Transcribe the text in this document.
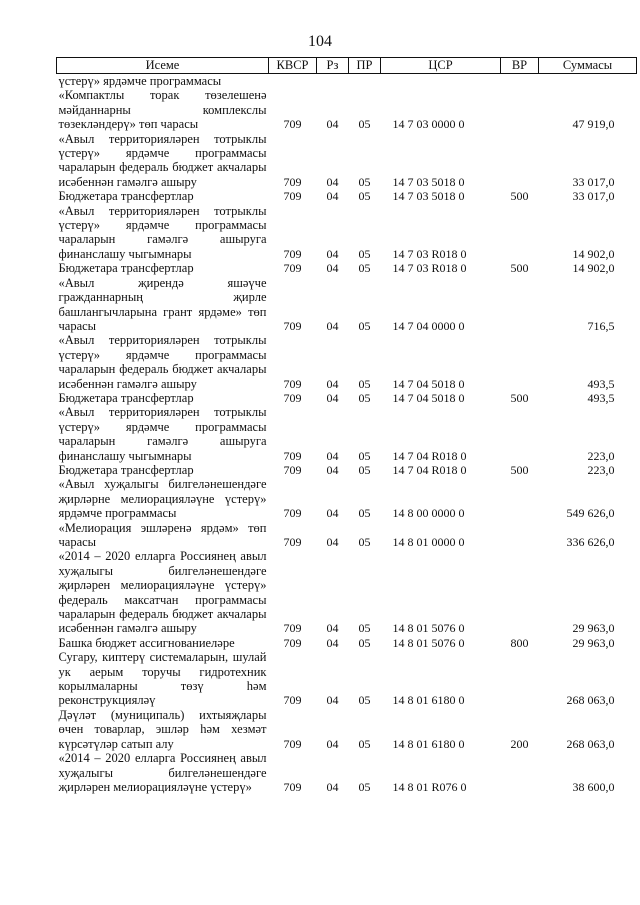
104
Исеме	КВСР	Рз	ПР	ЦСР	ВР	Суммасы
үстерү» ярдәмче программасы						
«Компактлы торак төзелешенә мәйданнарны комплекслы төзекләндерү» төп чарасы	709	04	05	14 7 03 0000 0		47 919,0
«Авыл территорияләрен тотрыклы үстерү» ярдәмче программасы чараларын федераль бюджет акчалары исәбеннән гамәлгә ашыру	709	04	05	14 7 03 5018 0		33 017,0
Бюджетара трансфертлар	709	04	05	14 7 03 5018 0	500	33 017,0
«Авыл территорияләрен тотрыклы үстерү» ярдәмче программасы чараларын гамәлгә ашыруга финанслашу чыгымнары	709	04	05	14 7 03 R018 0		14 902,0
Бюджетара трансфертлар	709	04	05	14 7 03 R018 0	500	14 902,0
«Авыл җирендә яшәүче гражданнарның җирле башлангычларына грант ярдәме» төп чарасы	709	04	05	14 7 04 0000 0		716,5
«Авыл территорияләрен тотрыклы үстерү» ярдәмче программасы чараларын федераль бюджет акчалары исәбеннән гамәлгә ашыру	709	04	05	14 7 04 5018 0		493,5
Бюджетара трансфертлар	709	04	05	14 7 04 5018 0	500	493,5
«Авыл территорияләрен тотрыклы үстерү» ярдәмче программасы чараларын гамәлгә ашыруга финанслашу чыгымнары	709	04	05	14 7 04 R018 0		223,0
Бюджетара трансфертлар	709	04	05	14 7 04 R018 0	500	223,0
«Авыл хуҗалыгы билгеләнешендәге җирләрне мелиорацияләүне үстерү» ярдәмче программасы	709	04	05	14 8 00 0000 0		549 626,0
«Мелиорация эшләренә ярдәм» төп чарасы	709	04	05	14 8 01 0000 0		336 626,0
«2014 – 2020 елларга Россиянең авыл хуҗалыгы билгеләнешендәге җирләрен мелиорацияләүне үстерү» федераль максатчан программасы чараларын федераль бюджет акчалары исәбеннән гамәлгә ашыру	709	04	05	14 8 01 5076 0		29 963,0
Башка бюджет ассигнованиеләре	709	04	05	14 8 01 5076 0	800	29 963,0
Сугару, киптерү системаларын, шулай ук аерым торучы гидротехник корылмаларны төзү һәм реконструкцияләү	709	04	05	14 8 01 6180 0		268 063,0
Дәүләт (муниципаль) ихтыяҗлары өчен товарлар, эшләр һәм хезмәт күрсәтүләр сатып алу	709	04	05	14 8 01 6180 0	200	268 063,0
«2014 – 2020 елларга Россиянең авыл хуҗалыгы билгеләнешендәге җирләрен мелиорацияләүне үстерү»	709	04	05	14 8 01 R076 0		38 600,0
